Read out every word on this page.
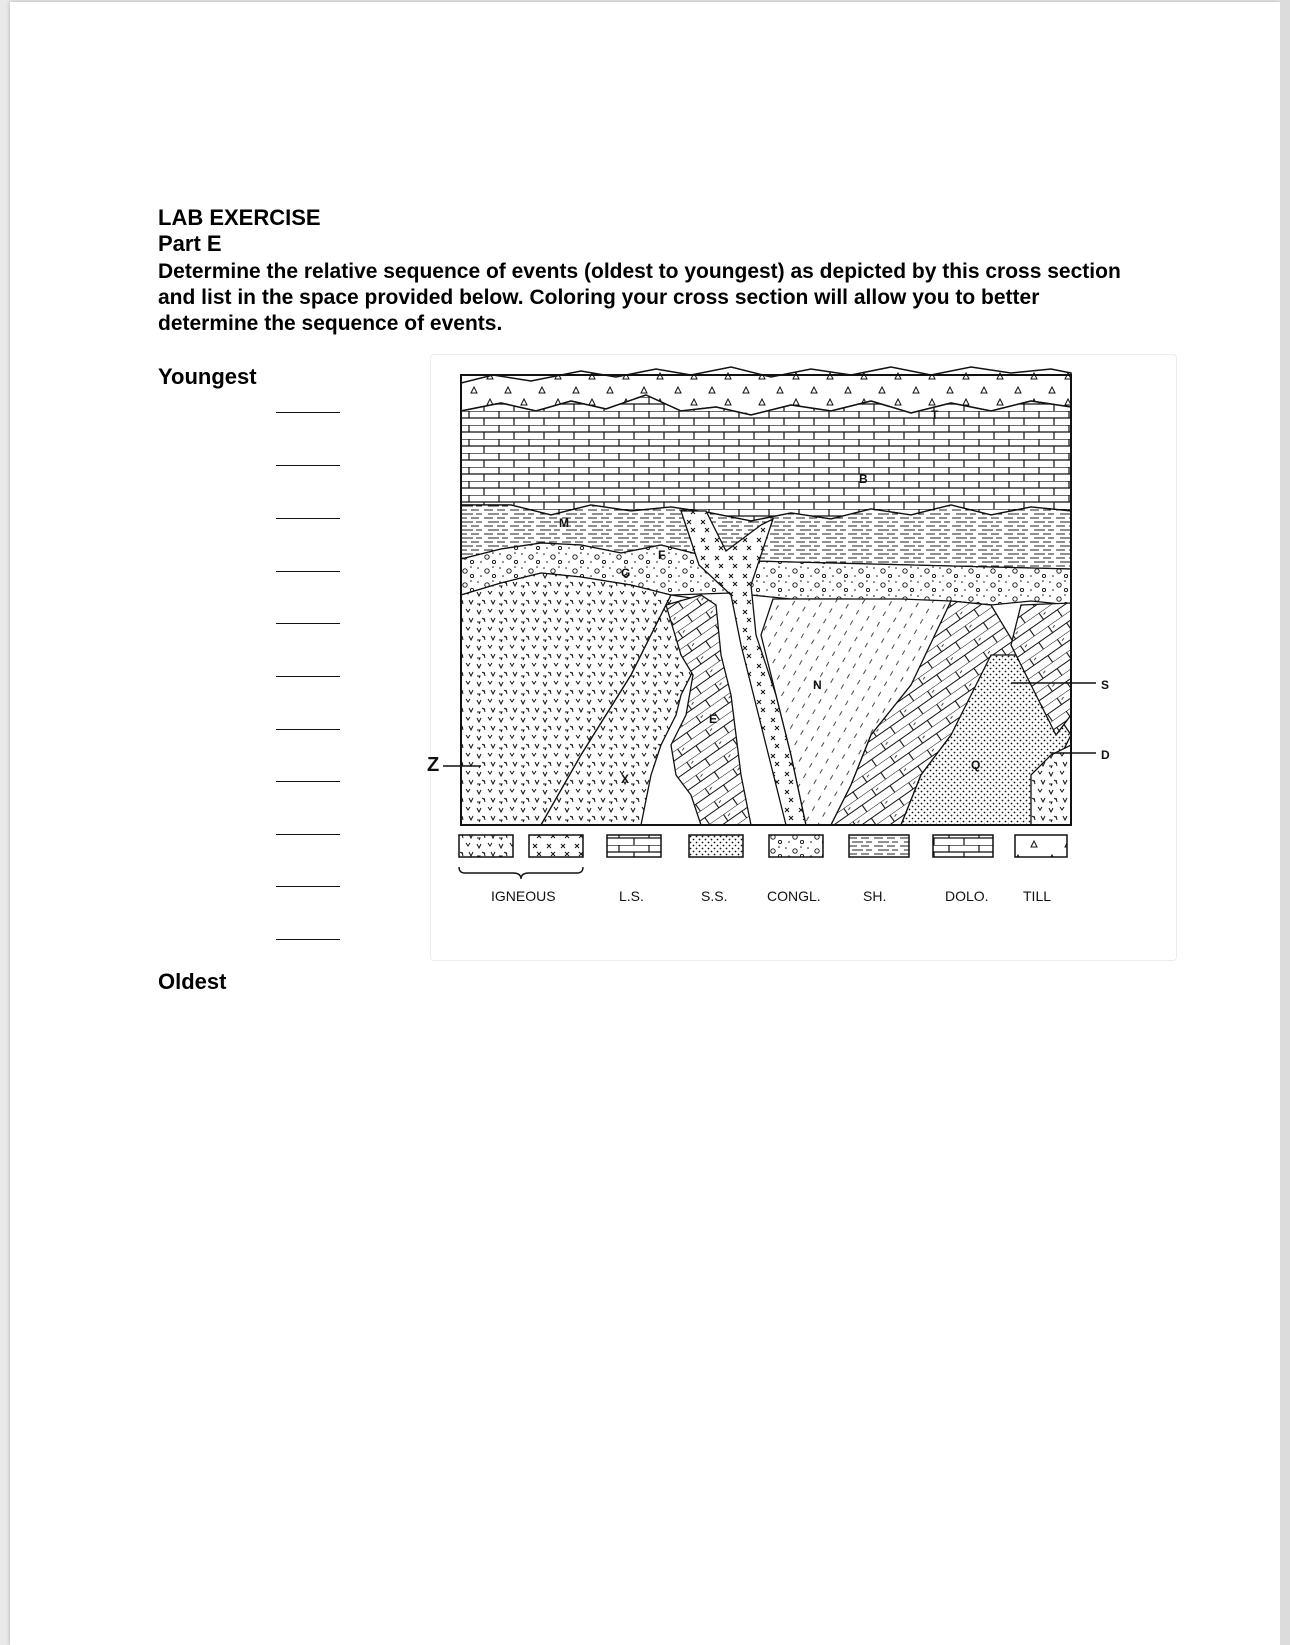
LAB EXERCISE
Part E

Determine the relative sequence of events (oldest to youngest) as depicted by this cross section and list in the space provided below. Coloring your cross section will allow you to better determine the sequence of events.

Youngest
Oldest
M
G
F
E
N
B
T
Z
S
D
X
Q
IGNEOUS	L.S.	S.S.	CONGL.	SH.	DOLO. TILL
